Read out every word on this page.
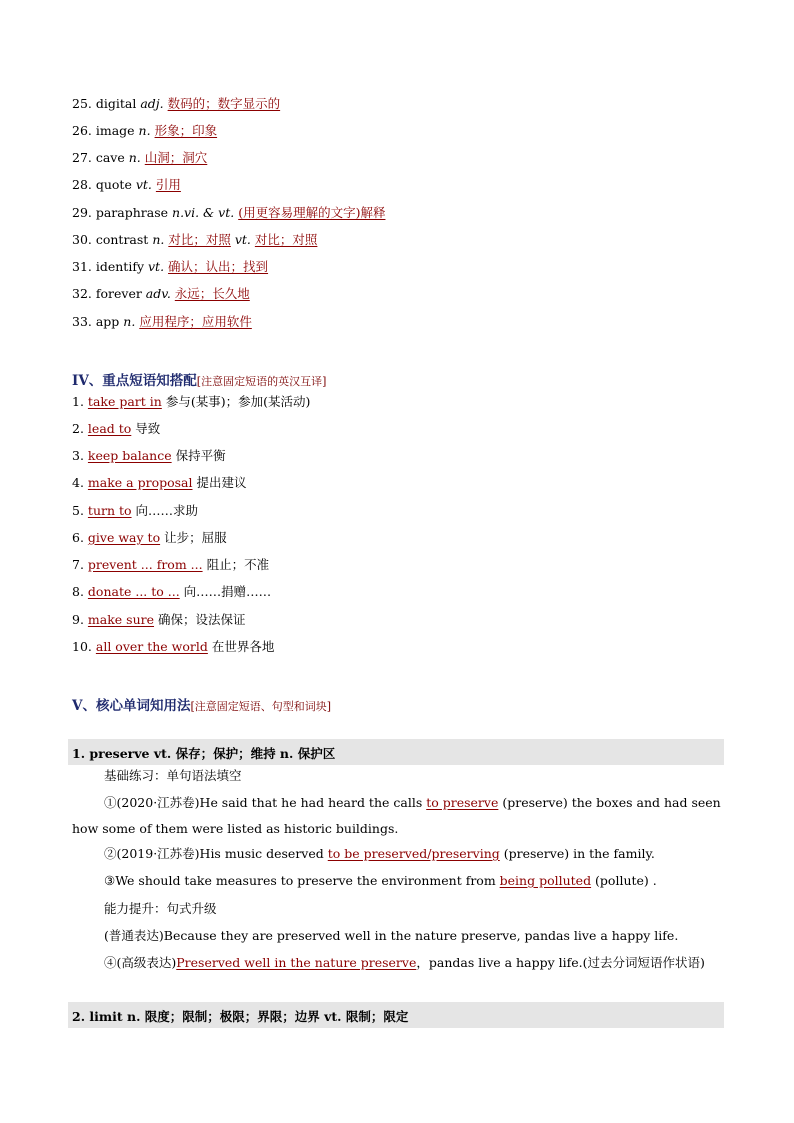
25. digital adj. 数码的；数字显示的
26. image n. 形象；印象
27. cave n. 山洞；洞穴
28. quote vt. 引用
29. paraphrase n.vi. & vt. (用更容易理解的文字)解释
30. contrast n. 对比；对照 vt. 对比；对照
31. identify vt. 确认；认出；找到
32. forever adv. 永远；长久地
33. app n. 应用程序；应用软件
IV、重点短语知搭配[注意固定短语的英汉互译]
1. take part in 参与(某事)；参加(某活动)
2. lead to 导致
3. keep balance 保持平衡
4. make a proposal 提出建议
5. turn to 向……求助
6. give way to 让步；屈服
7. prevent ... from ... 阻止；不准
8. donate ... to ... 向……捐赠……
9. make sure 确保；设法保证
10. all over the world 在世界各地
V、核心单词知用法[注意固定短语、句型和词块]
1. preserve vt. 保存；保护；维持 n. 保护区
基础练习：单句语法填空
①(2020·江苏卷)He said that he had heard the calls to preserve (preserve) the boxes and had seen how some of them were listed as historic buildings.
②(2019·江苏卷)His music deserved to be preserved/preserving (preserve) in the family.
③We should take measures to preserve the environment from being polluted (pollute) .
能力提升：句式升级
(普通表达)Because they are preserved well in the nature preserve, pandas live a happy life.
④(高级表达)Preserved well in the nature preserve，pandas live a happy life.(过去分词短语作状语)
2. limit n. 限度；限制；极限；界限；边界 vt. 限制；限定
